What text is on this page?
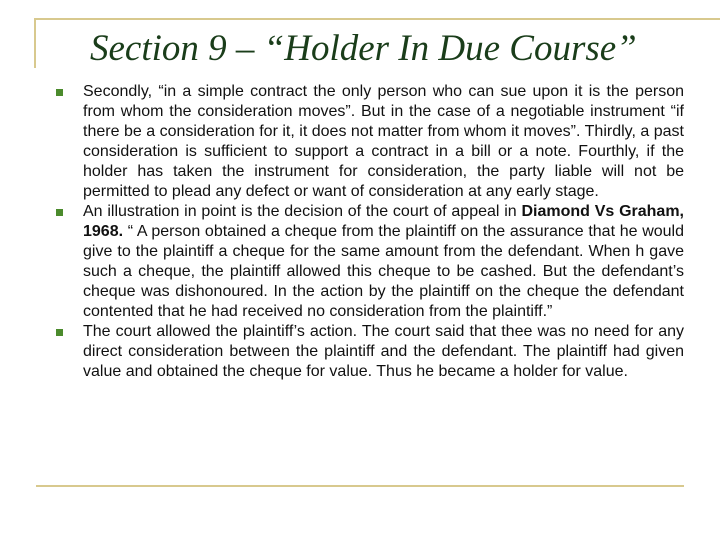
Section 9 – “Holder In Due Course”
Secondly, “in a simple contract the only person who can sue upon it is the person from whom the consideration moves”. But in the case of a negotiable instrument “if there be a consideration for it, it does not matter from whom it moves”. Thirdly, a past consideration is sufficient to support a contract in a bill or a note. Fourthly, if the holder has taken the instrument for consideration, the party liable will not be permitted to plead any defect or want of consideration at any early stage.
An illustration in point is the decision of the court of appeal in Diamond Vs Graham, 1968. “ A person obtained a cheque from the plaintiff on the assurance that he would give to the plaintiff a cheque for the same amount from the defendant. When h gave such a cheque, the plaintiff allowed this cheque to be cashed. But the defendant’s cheque was dishonoured. In the action by the plaintiff on the cheque the defendant contented that he had received no consideration from the plaintiff.”
The court allowed the plaintiff’s action. The court said that thee was no need for any direct consideration between the plaintiff and the defendant. The plaintiff had given value and obtained the cheque for value. Thus he became a holder for value.
